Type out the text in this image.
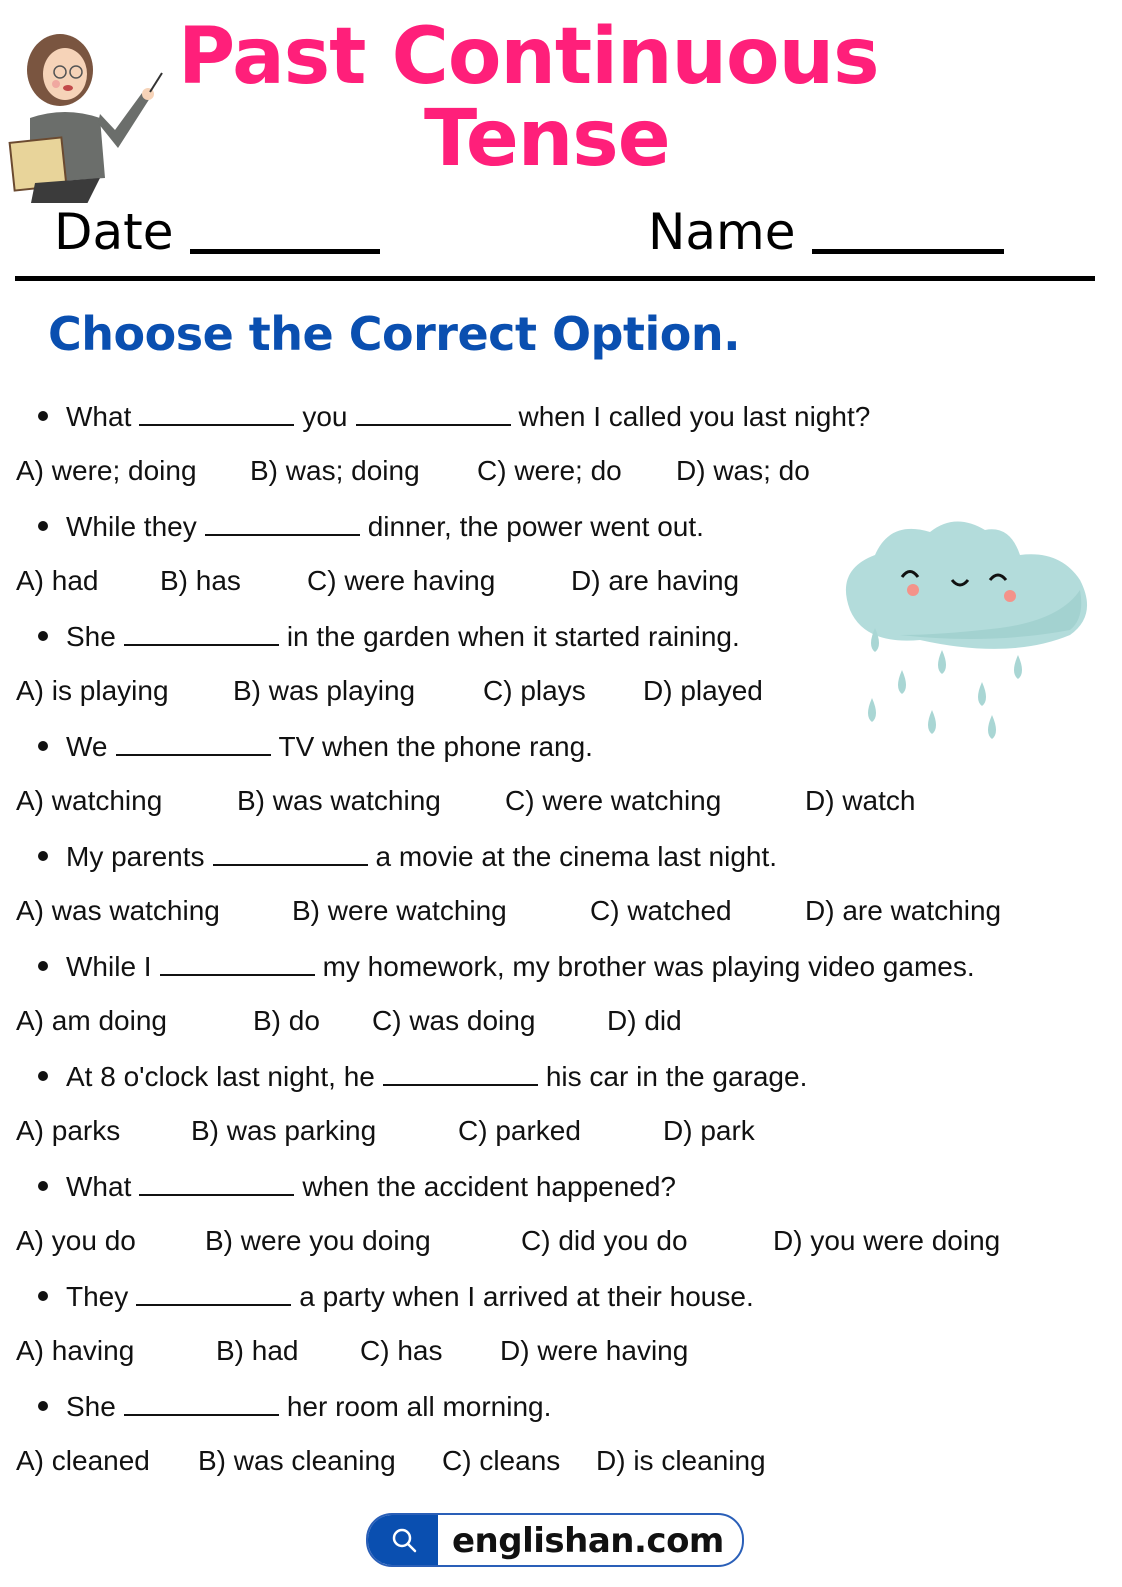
Past Continuous
Tense
Date	Name
Choose the Correct Option.
What	you	when I called you last night?
A) were; doing B) was; doing C) were; do D) was; do
While they	dinner, the power went out.
A) had B) has C) were having	D) are having
She	in the garden when it started raining.
A) is playing B) was playing C) plays D) played
We	TV when the phone rang.
A) watching	B) was watching C) were watching	D) watch
My parents	a movie at the cinema last night.
A) was watching	B) were watching	C) watched	D) are watching
While I	my homework, my brother was playing video games.
A) am doing	B) do C) was doing	D) did
At 8 o'clock last night, he	his car in the garage.
A) parks	B) was parking	C) parked	D) park
What	when the accident happened?
A) you do B) were you doing	C) did you do	D) you were doing
They	a party when I arrived at their house.
A) having	B) had C) has D) were having
She	her room all morning.
A) cleaned B) was cleaning C) cleans D) is cleaning
englishan.com
